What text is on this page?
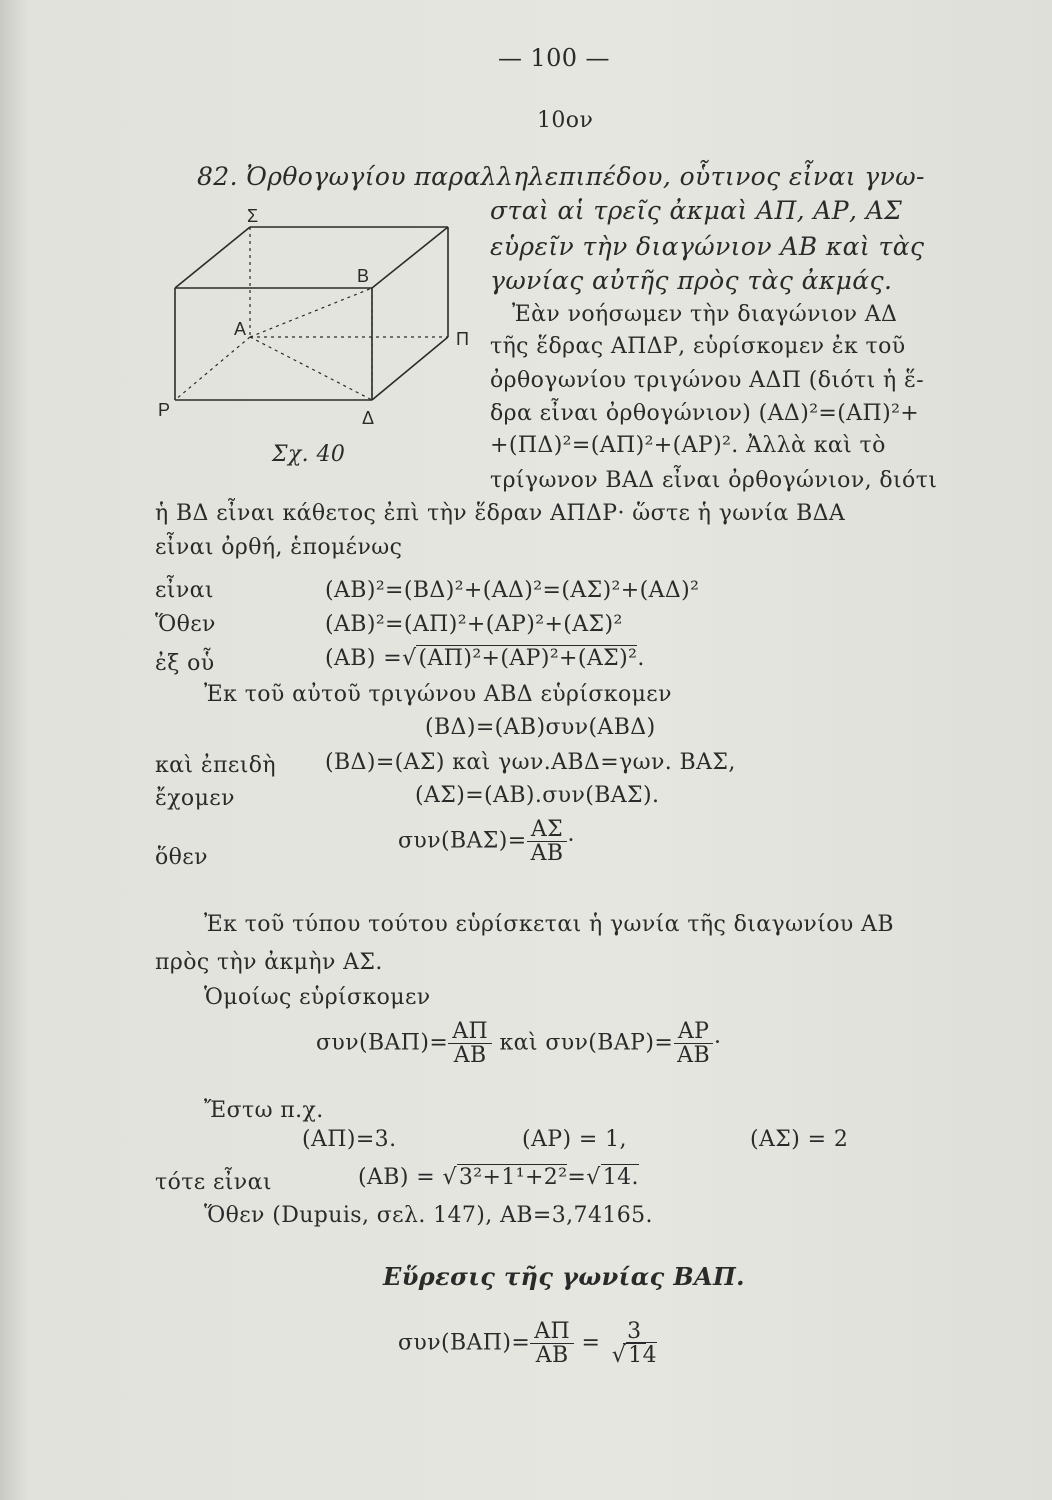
— 100 —
10ον
82. Ὀρθογωγίου παραλληλεπιπέδου, οὗτινος εἶναι γνω-
σταὶ αἱ τρεῖς ἀκμαὶ ΑΠ, ΑΡ, ΑΣ
εὑρεῖν τὴν διαγώνιον ΑΒ καὶ τὰς
γωνίας αὐτῆς πρὸς τὰς ἀκμάς.
Σ
Β
Α	Π
Ρ	Δ
Σχ. 40
Ἐὰν νοήσωμεν τὴν διαγώνιον ΑΔ
τῆς ἕδρας ΑΠΔΡ, εὑρίσκομεν ἐκ τοῦ
ὀρθογωνίου τριγώνου ΑΔΠ (διότι ἡ ἕ-
δρα εἶναι ὀρθογώνιον) (ΑΔ)²=(ΑΠ)²+
+(ΠΔ)²=(ΑΠ)²+(ΑΡ)². Ἀλλὰ καὶ τὸ
τρίγωνον ΒΑΔ εἶναι ὀρθογώνιον, διότι
ἡ ΒΔ εἶναι κάθετος ἐπὶ τὴν ἕδραν ΑΠΔΡ· ὥστε ἡ γωνία ΒΔΑ
εἶναι ὀρθή, ἑπομένως
εἶναι	(ΑΒ)²=(ΒΔ)²+(ΑΔ)²=(ΑΣ)²+(ΑΔ)²
Ὅθεν	(ΑΒ)²=(ΑΠ)²+(ΑΡ)²+(ΑΣ)²
ἐξ οὗ	(ΑΒ) =√(ΑΠ)²+(ΑΡ)²+(ΑΣ)².
Ἐκ τοῦ αὐτοῦ τριγώνου ΑΒΔ εὑρίσκομεν
(ΒΔ)=(ΑΒ)συν(ΑΒΔ)
καὶ ἐπειδὴ (ΒΔ)=(ΑΣ) καὶ γων.ΑΒΔ=γων. ΒΑΣ,
ἔχομεν	(ΑΣ)=(ΑΒ).συν(ΒΑΣ).
ὅθεν
$\sigma\upsilon\nu(BA\Sigma)= \frac{A\Sigma}{AB}$ ·
Ἐκ τοῦ τύπου τούτου εὑρίσκεται ἡ γωνία τῆς διαγωνίου ΑΒ
πρὸς τὴν ἀκμὴν ΑΣ.
Ὁμοίως εὑρίσκομεν
$\sigma\upsilon\nu(BA\Pi)= \frac{A\Pi}{AB}$ καὶ $\sigma\upsilon\nu(BAP)= \frac{AP}{AB}$ ·
Ἔστω π.χ.
(ΑΠ)=3.	(ΑΡ) = 1,	(ΑΣ) = 2
τότε εἶναι	(ΑΒ) = √3²+1¹+2²=√14.
Ὅθεν (Dupuis, σελ. 147), ΑΒ=3,74165.
Εὕρεσις τῆς γωνίας ΒΑΠ.
$\sigma\upsilon\nu(BA\Pi)= \frac{A\Pi}{AB} = \frac{3}{√14}$
